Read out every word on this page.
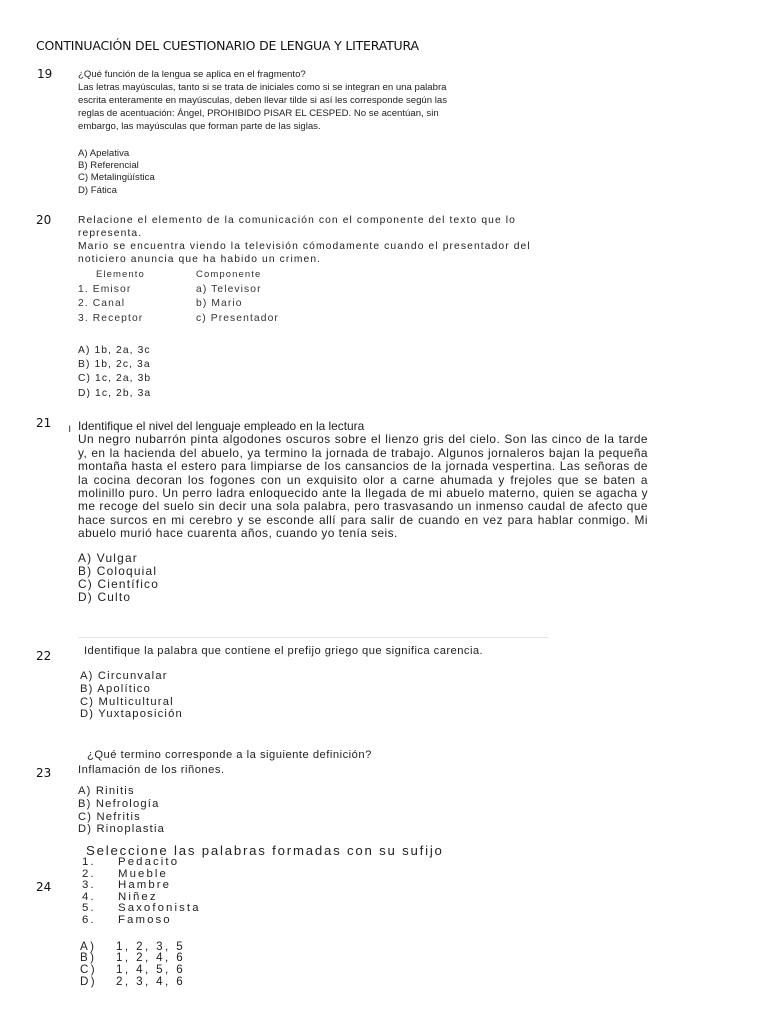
CONTINUACIÓN DEL CUESTIONARIO DE LENGUA Y LITERATURA
19	¿Qué función de la lengua se aplica en el fragmento?
Las letras mayúsculas, tanto si se trata de iniciales como si se integran en una palabra
escrita enteramente en mayúsculas, deben llevar tilde si así les corresponde según las
reglas de acentuación: Ángel, PROHIBIDO PISAR EL CESPED. No se acentúan, sin
embargo, las mayúsculas que forman parte de las siglas.
A) Apelativa
B) Referencial
C) Metalingüística
D) Fática
20	Relacione el elemento de la comunicación con el componente del texto que lo
representa.
Mario se encuentra viendo la televisión cómodamente cuando el presentador del
noticiero anuncia que ha habido un crimen.
Elemento	Componente
1. Emisor	a) Televisor
2. Canal	b) Mario
3. Receptor	c) Presentador
A) 1b, 2a, 3c
B) 1b, 2c, 3a
C) 1c, 2a, 3b
D) 1c, 2b, 3a
21 ı Identifique el nivel del lenguaje empleado en la lectura
Un negro nubarrón pinta algodones oscuros sobre el lienzo gris del cielo. Son las cinco de la tarde y, en la hacienda del abuelo, ya termino la jornada de trabajo. Algunos jornaleros bajan la pequeña montaña hasta el estero para limpiarse de los cansancios de la jornada vespertina. Las señoras de la cocina decoran los fogones con un exquisito olor a carne ahumada y frejoles que se baten a molinillo puro. Un perro ladra enloquecido ante la llegada de mi abuelo materno, quien se agacha y me recoge del suelo sin decir una sola palabra, pero trasvasando un inmenso caudal de afecto que hace surcos en mi cerebro y se esconde allí para salir de cuando en vez para hablar conmigo. Mi abuelo murió hace cuarenta años, cuando yo tenía seis.
A) Vulgar
B) Coloquial
C) Científico
D) Culto
22	Identifique la palabra que contiene el prefijo griego que significa carencia.
A) Circunvalar
B) Apolítico
C) Multicultural
D) Yuxtaposición
23
¿Qué termino corresponde a la siguiente definición?
Inflamación de los riñones.
A) Rinitis
B) Nefrología
C) Nefritis
D) Rinoplastia
24
Seleccione las palabras formadas con su sufijo
1. Pedacito
2. Mueble
3. Hambre
4. Niñez
5. Saxofonista
6. Famoso
A) 1, 2, 3, 5
B) 1, 2, 4, 6
C) 1, 4, 5, 6
D) 2, 3, 4, 6
